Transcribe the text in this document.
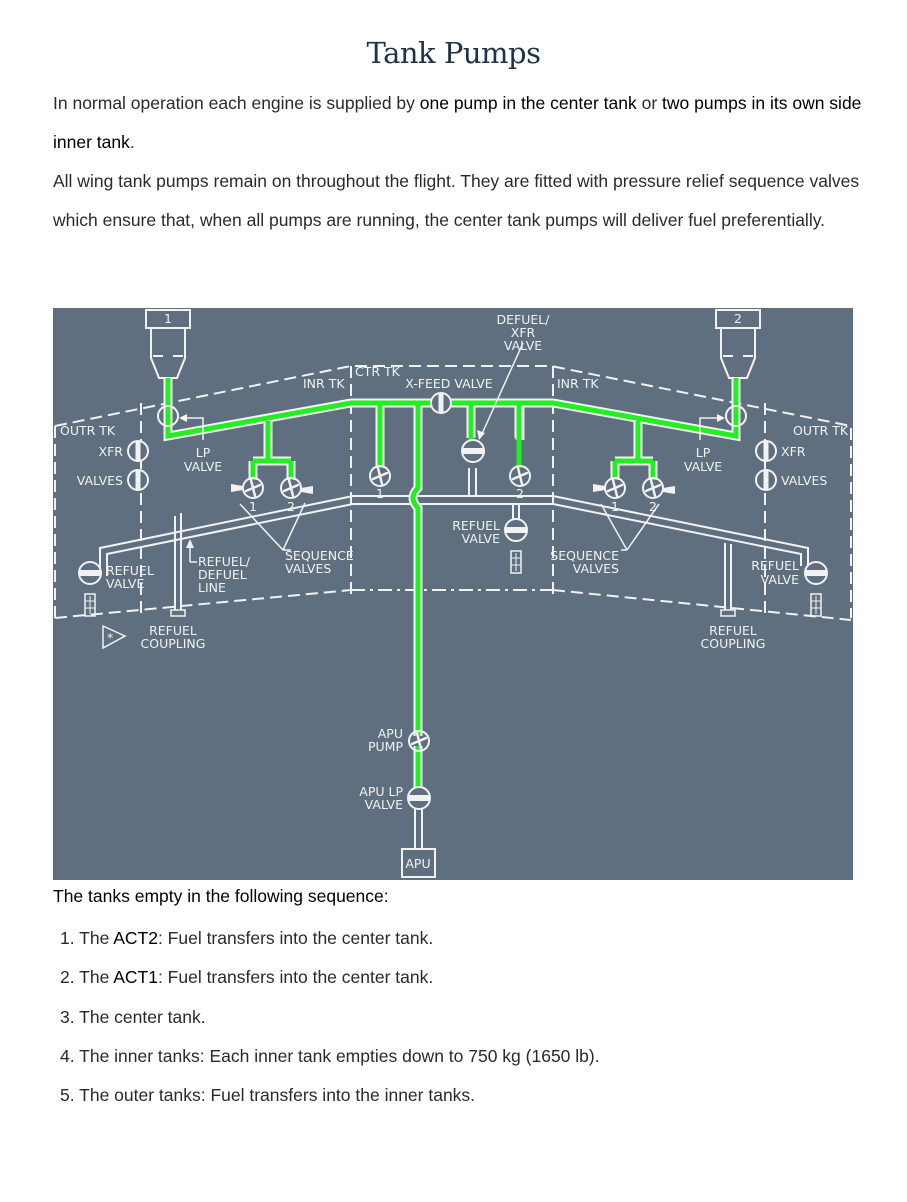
Tank Pumps
In normal operation each engine is supplied by one pump in the center tank or two pumps in its own side inner tank.
All wing tank pumps remain on throughout the flight. They are fitted with pressure relief sequence valves which ensure that, when all pumps are running, the center tank pumps will deliver fuel preferentially.
1	2
*
DEFUEL/
XFR
VALVE
CTR TK
X-FEED VALVE
INR TK	INR TK
OUTR TK	OUTR TK
XFR
VALVES
XFR
VALVES
LP
VALVE
LP
VALVE
1 2	1 2
1	2
REFUEL
VALVE
REFUEL
VALVE
REFUEL
VALVE
REFUEL/
DEFUEL
LINE
SEQUENCE
VALVES
SEQUENCE
VALVES
REFUEL
COUPLING
REFUEL
COUPLING
APU
PUMP
APU LP
VALVE
APU
The tanks empty in the following sequence:
1. The ACT2: Fuel transfers into the center tank.
2. The ACT1: Fuel transfers into the center tank.
3. The center tank.
4. The inner tanks: Each inner tank empties down to 750 kg (1650 lb).
5. The outer tanks: Fuel transfers into the inner tanks.
